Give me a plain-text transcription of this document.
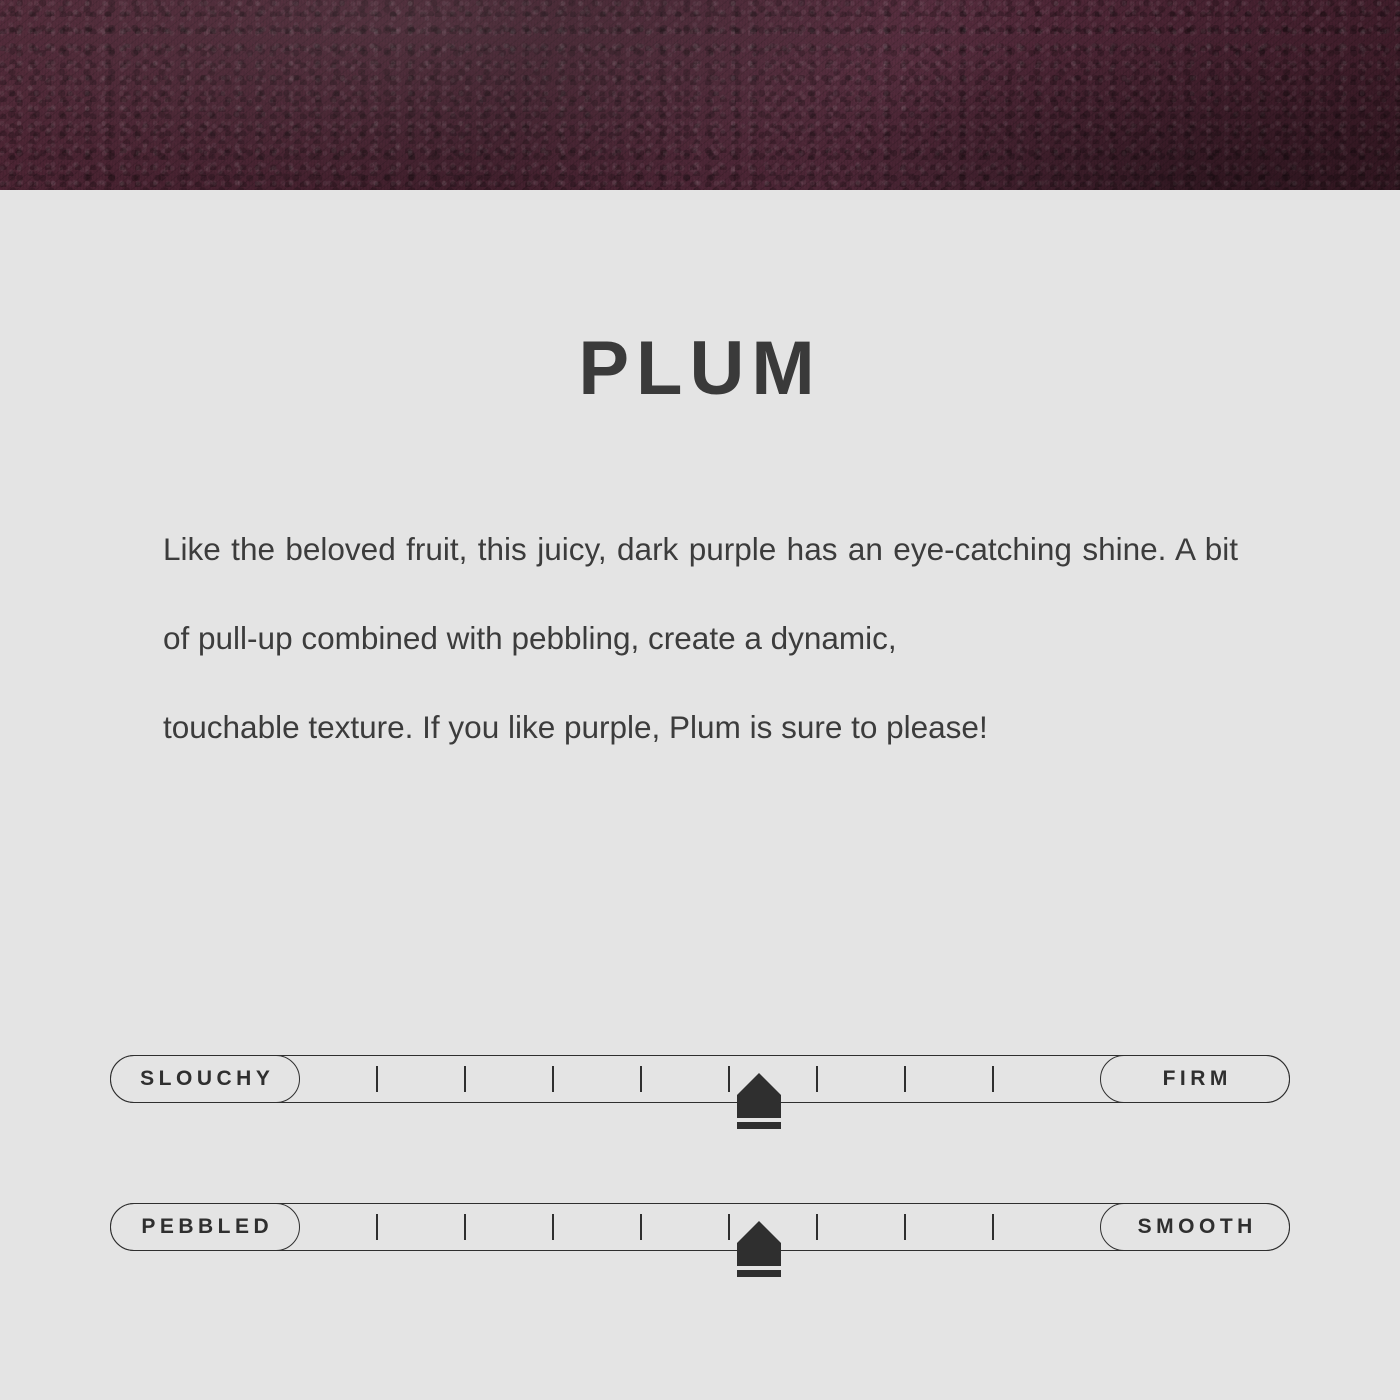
PLUM
Like the beloved fruit, this juicy, dark purple has an eye-catching shine. A bit of pull-up combined with pebbling, create a dynamic,
touchable texture. If you like purple, Plum is sure to please!
SLOUCHY	FIRM
PEBBLED	SMOOTH
